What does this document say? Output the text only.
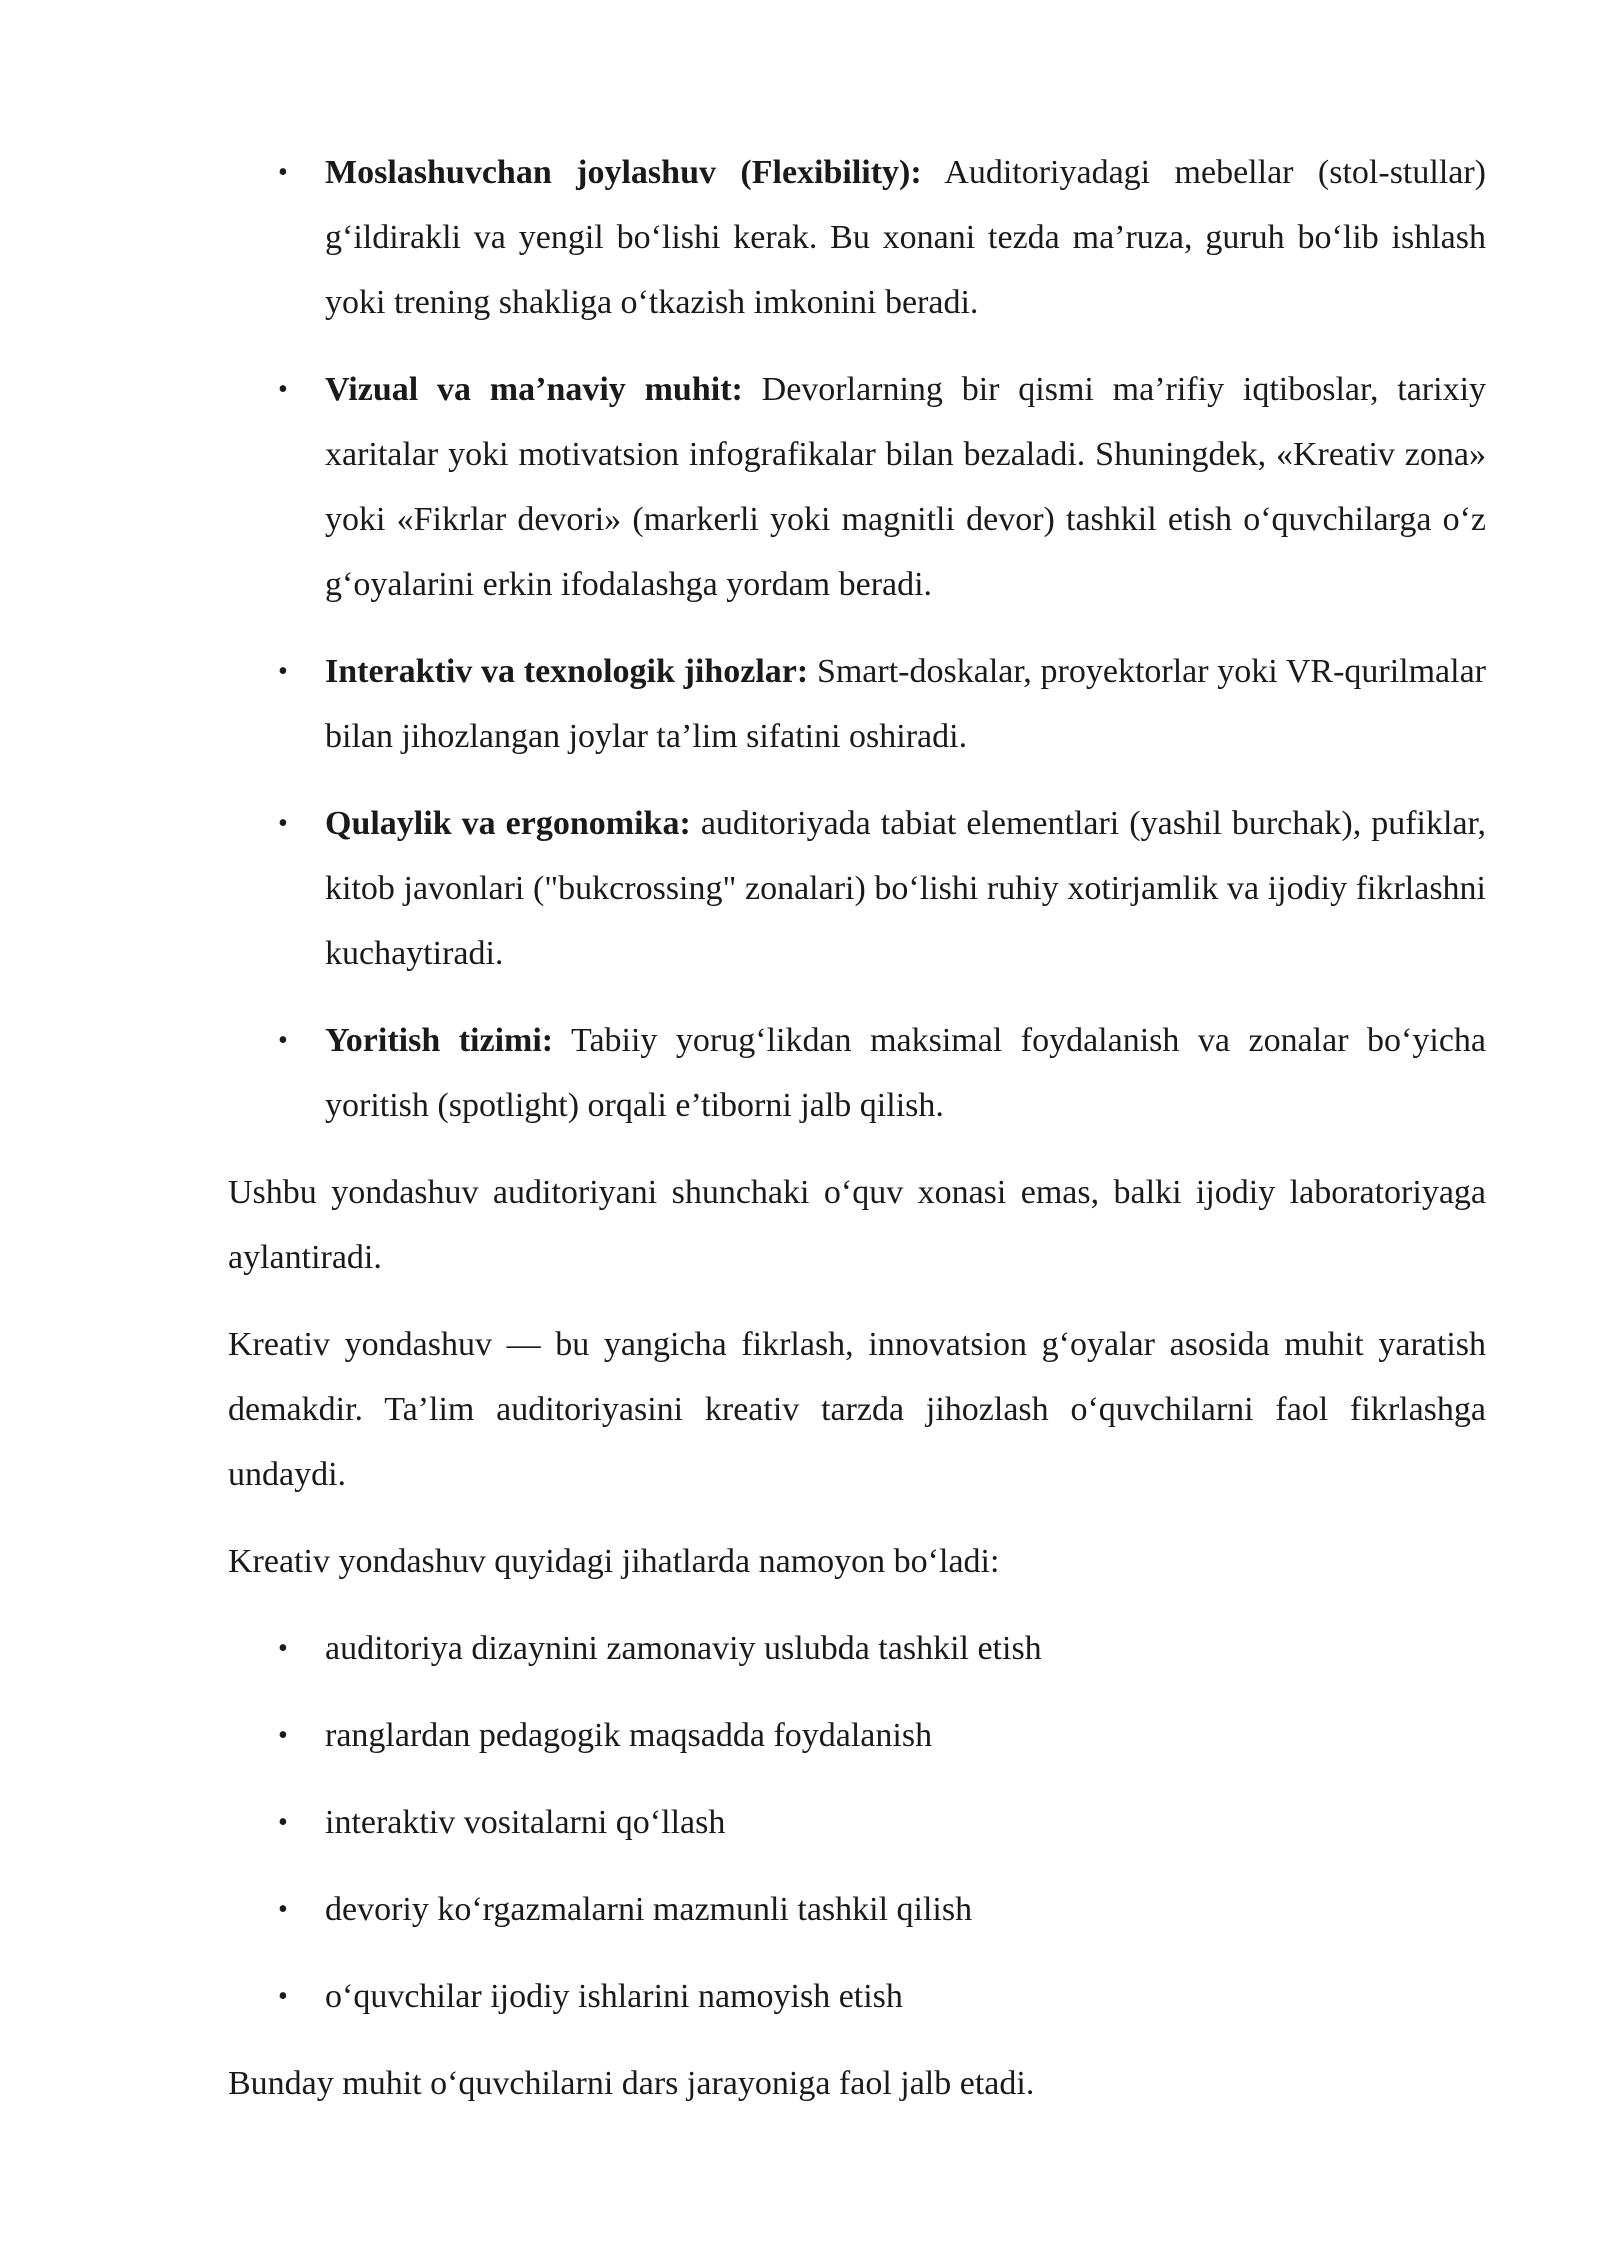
• Moslashuvchan joylashuv (Flexibility): Auditoriyadagi mebellar (stol-stullar) g‘ildirakli va yengil bo‘lishi kerak. Bu xonani tezda ma’ruza, guruh bo‘lib ishlash yoki trening shakliga o‘tkazish imkonini beradi.
• Vizual va ma’naviy muhit: Devorlarning bir qismi ma’rifiy iqtiboslar, tarixiy xaritalar yoki motivatsion infografikalar bilan bezaladi. Shuningdek, «Kreativ zona» yoki «Fikrlar devori» (markerli yoki magnitli devor) tashkil etish o‘quvchilarga o‘z g‘oyalarini erkin ifodalashga yordam beradi.
• Interaktiv va texnologik jihozlar: Smart-doskalar, proyektorlar yoki VR-qurilmalar bilan jihozlangan joylar ta’lim sifatini oshiradi.
• Qulaylik va ergonomika: auditoriyada tabiat elementlari (yashil burchak), pufiklar, kitob javonlari ("bukcrossing" zonalari) bo‘lishi ruhiy xotirjamlik va ijodiy fikrlashni kuchaytiradi.
• Yoritish tizimi: Tabiiy yorug‘likdan maksimal foydalanish va zonalar bo‘yicha yoritish (spotlight) orqali e’tiborni jalb qilish.

Ushbu yondashuv auditoriyani shunchaki o‘quv xonasi emas, balki ijodiy laboratoriyaga aylantiradi.

Kreativ yondashuv — bu yangicha fikrlash, innovatsion g‘oyalar asosida muhit yaratish demakdir. Ta’lim auditoriyasini kreativ tarzda jihozlash o‘quvchilarni faol fikrlashga undaydi.

Kreativ yondashuv quyidagi jihatlarda namoyon bo‘ladi:

• auditoriya dizaynini zamonaviy uslubda tashkil etish
• ranglardan pedagogik maqsadda foydalanish
• interaktiv vositalarni qo‘llash
• devoriy ko‘rgazmalarni mazmunli tashkil qilish
• o‘quvchilar ijodiy ishlarini namoyish etish

Bunday muhit o‘quvchilarni dars jarayoniga faol jalb etadi.
